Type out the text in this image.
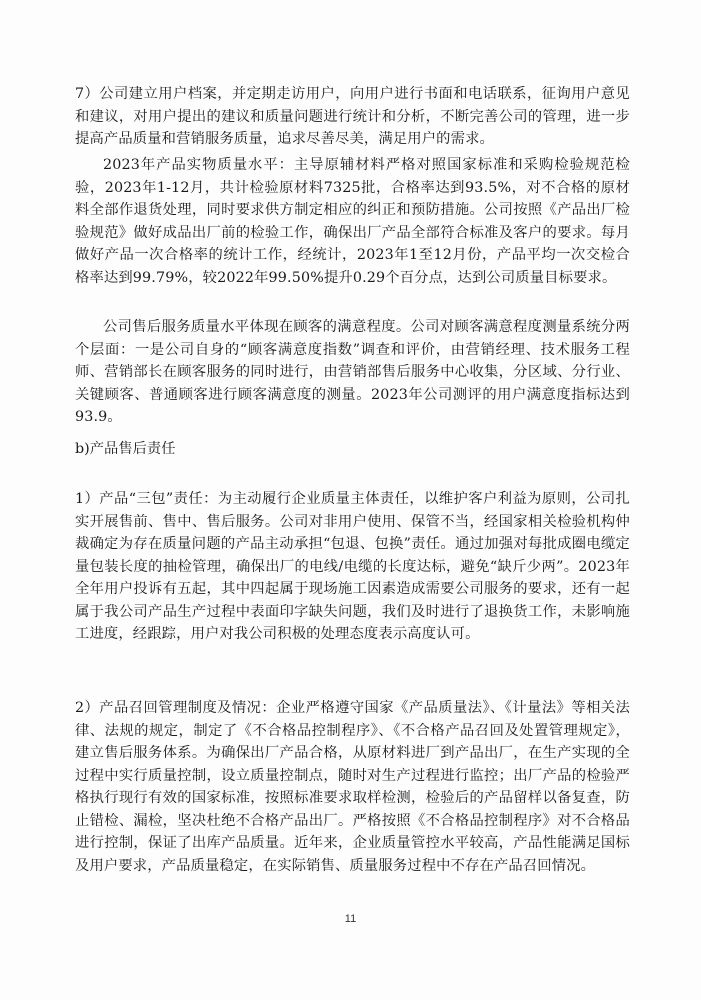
7）公司建立用户档案，并定期走访用户，向用户进行书面和电话联系，征询用户意见和建议，对用户提出的建议和质量问题进行统计和分析，不断完善公司的管理，进一步提高产品质量和营销服务质量，追求尽善尽美，满足用户的需求。

2023年产品实物质量水平：主导原辅材料严格对照国家标准和采购检验规范检验，2023年1-12月，共计检验原材料7325批，合格率达到93.5%，对不合格的原材料全部作退货处理，同时要求供方制定相应的纠正和预防措施。公司按照《产品出厂检验规范》做好成品出厂前的检验工作，确保出厂产品全部符合标准及客户的要求。每月做好产品一次合格率的统计工作，经统计，2023年1至12月份，产品平均一次交检合格率达到99.79%，较2022年99.50%提升0.29个百分点，达到公司质量目标要求。

公司售后服务质量水平体现在顾客的满意程度。公司对顾客满意程度测量系统分两个层面：一是公司自身的“顾客满意度指数”调查和评价，由营销经理、技术服务工程师、营销部长在顾客服务的同时进行，由营销部售后服务中心收集，分区域、分行业、关键顾客、普通顾客进行顾客满意度的测量。2023年公司测评的用户满意度指标达到93.9。

b)产品售后责任

1）产品“三包”责任：为主动履行企业质量主体责任，以维护客户利益为原则，公司扎实开展售前、售中、售后服务。公司对非用户使用、保管不当，经国家相关检验机构仲裁确定为存在质量问题的产品主动承担“包退、包换”责任。通过加强对每批成圈电缆定量包装长度的抽检管理，确保出厂的电线/电缆的长度达标，避免“缺斤少两”。2023年全年用户投诉有五起，其中四起属于现场施工因素造成需要公司服务的要求，还有一起属于我公司产品生产过程中表面印字缺失问题，我们及时进行了退换货工作，未影响施工进度，经跟踪，用户对我公司积极的处理态度表示高度认可。

2）产品召回管理制度及情况：企业严格遵守国家《产品质量法》、《计量法》等相关法律、法规的规定，制定了《不合格品控制程序》、《不合格产品召回及处置管理规定》，建立售后服务体系。为确保出厂产品合格，从原材料进厂到产品出厂，在生产实现的全过程中实行质量控制，设立质量控制点，随时对生产过程进行监控；出厂产品的检验严格执行现行有效的国家标准，按照标准要求取样检测，检验后的产品留样以备复查，防止错检、漏检，坚决杜绝不合格产品出厂。严格按照《不合格品控制程序》对不合格品进行控制，保证了出库产品质量。近年来，企业质量管控水平较高，产品性能满足国标及用户要求，产品质量稳定，在实际销售、质量服务过程中不存在产品召回情况。

11
